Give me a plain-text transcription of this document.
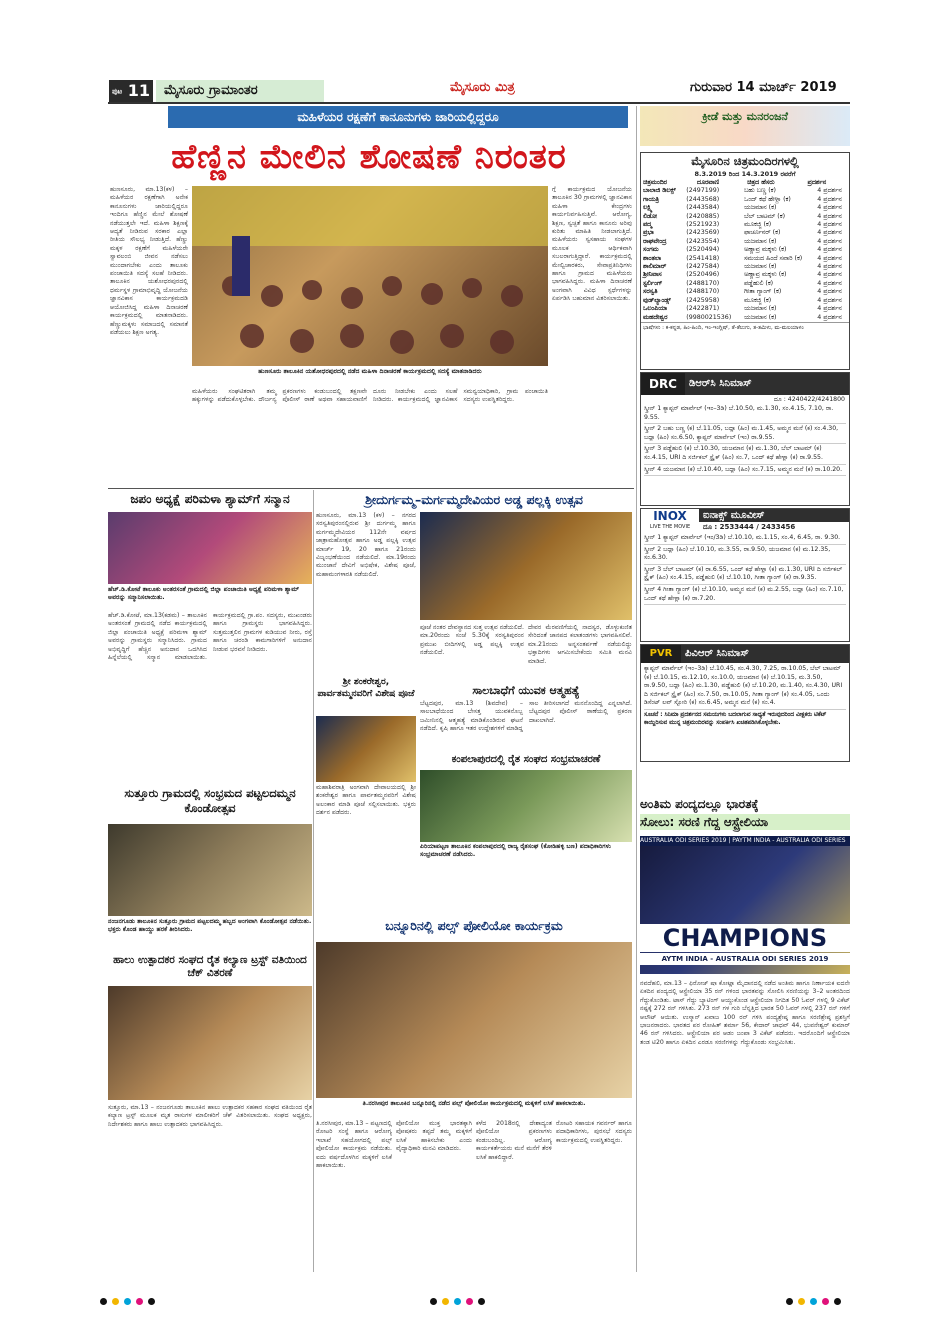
ಪುಟ 11	ಮೈಸೂರು ಗ್ರಾಮಾಂತರ	ಮೈಸೂರು ಮಿತ್ರ	ಗುರುವಾರ 14 ಮಾರ್ಚ್ 2019
ಮಹಿಳೆಯರ ರಕ್ಷಣೆಗೆ ಕಾನೂನುಗಳು ಜಾರಿಯಲ್ಲಿದ್ದರೂ
ಹೆಣ್ಣಿನ ಮೇಲಿನ ಶೋಷಣೆ ನಿರಂತರ
ಹುಣಸೂರು, ಮಾ.13(ಕಳ) – ಮಹಿಳೆಯರ ರಕ್ಷಣೆಗಾಗಿ ಅನೇಕ ಕಾನೂನುಗಳು ಜಾರಿಯಲ್ಲಿದ್ದರೂ ಇಂದಿಗೂ ಹೆಣ್ಣಿನ ಮೇಲೆ ಶೋಷಣೆ ನಡೆಯುತ್ತಲೇ ಇದೆ. ಮಹಿಳಾ ಶಿಕ್ಷಣಕ್ಕೆ ಆದ್ಯತೆ ನೀಡಿರುವ ಸರಕಾರ ಎಲ್ಲಾ ರೀತಿಯ ಸೌಲಭ್ಯ ನೀಡುತ್ತಿದೆ. ಹೆಣ್ಣು ಮಕ್ಕಳ ರಕ್ಷಣೆಗೆ ಮಹಿಳೆಯರೇ ಸ್ವಾವಲಂಬಿ ಜೀವನ ನಡೆಸಲು ಮುಂದಾಗಬೇಕು ಎಂದು ತಾಲೂಕು ಪಂಚಾಯಿತಿ ಸದಸ್ಯೆ ಸಲಹೆ ನೀಡಿದರು. ತಾಲೂಕಿನ ಯಶೋಧರಪುರದಲ್ಲಿ ಧರ್ಮಸ್ಥಳ ಗ್ರಾಮಾಭಿವೃದ್ಧಿ ಯೋಜನೆಯ ಜ್ಞಾನವಿಕಾಸ ಕಾರ್ಯಕ್ರಮದಡಿ ಆಯೋಜಿಸಿದ್ದ ಮಹಿಳಾ ದಿನಾಚರಣೆ ಕಾರ್ಯಕ್ರಮದಲ್ಲಿ ಮಾತನಾಡಿದರು. ಹೆಣ್ಣುಮಕ್ಕಳು ಸಮಾಜದಲ್ಲಿ ಸಮಾನತೆ ಪಡೆಯಲು ಶಿಕ್ಷಣ ಅಗತ್ಯ.
ಗ್ಗೆ ಕಾರ್ಯಕ್ರಮದ ಯೋಜನೆಯ ತಾಲೂಕಿನ 30 ಗ್ರಾಮಗಳಲ್ಲಿ ಜ್ಞಾನವಿಕಾಸ ಮಹಿಳಾ ಕೇಂದ್ರಗಳು ಕಾರ್ಯನಿರ್ವಹಿಸುತ್ತಿವೆ. ಆರೋಗ್ಯ, ಶಿಕ್ಷಣ, ಸ್ವಚ್ಛತೆ ಹಾಗೂ ಕಾನೂನು ಅರಿವು ಕುರಿತು ಮಾಹಿತಿ ನೀಡಲಾಗುತ್ತಿದೆ. ಮಹಿಳೆಯರು ಸ್ವಸಹಾಯ ಸಂಘಗಳ ಮೂಲಕ ಆರ್ಥಿಕವಾಗಿ ಸಬಲರಾಗುತ್ತಿದ್ದಾರೆ. ಕಾರ್ಯಕ್ರಮದಲ್ಲಿ ಮೇಲ್ವಿಚಾರಕರು, ಸೇವಾಪ್ರತಿನಿಧಿಗಳು ಹಾಗೂ ಗ್ರಾಮದ ಮಹಿಳೆಯರು ಭಾಗವಹಿಸಿದ್ದರು. ಮಹಿಳಾ ದಿನಾಚರಣೆ ಅಂಗವಾಗಿ ವಿವಿಧ ಸ್ಪರ್ಧೆಗಳನ್ನು ಏರ್ಪಡಿಸಿ ಬಹುಮಾನ ವಿತರಿಸಲಾಯಿತು.
ಹುಣಸೂರು ತಾಲೂಕಿನ ಯಶೋಧರಪುರದಲ್ಲಿ ನಡೆದ ಮಹಿಳಾ ದಿನಾಚರಣೆ ಕಾರ್ಯಕ್ರಮದಲ್ಲಿ ಸದಸ್ಯೆ ಮಾತನಾಡಿದರು
ಮಹಿಳೆಯರು ಸಂಘಟಿತರಾಗಿ ತಮ್ಮ ಹಕ್ಕುಗಳನ್ನು ಪಡೆದುಕೊಳ್ಳಬೇಕು. ದೌರ್ಜನ್ಯ ಪ್ರಕರಣಗಳು ಕಂಡುಬಂದಲ್ಲಿ ತಕ್ಷಣವೇ ಪೊಲೀಸ್ ಠಾಣೆ ಅಥವಾ ಸಹಾಯವಾಣಿಗೆ ದೂರು ನೀಡಬೇಕು ಎಂದು ಸಲಹೆ ನೀಡಿದರು. ಕಾರ್ಯಕ್ರಮದಲ್ಲಿ ಜ್ಞಾನವಿಕಾಸ ಸಮನ್ವಯಾಧಿಕಾರಿ, ಗ್ರಾಮ ಪಂಚಾಯಿತಿ ಸದಸ್ಯರು ಉಪಸ್ಥಿತರಿದ್ದರು.
ಜಪಂ ಅಧ್ಯಕ್ಷೆ ಪರಿಮಳಾ ಶ್ಯಾಮ್‌ಗೆ ಸನ್ಮಾನ
ಹೆಚ್.ಡಿ.ಕೋಟೆ ತಾಲೂಕು ಅಂತರಸಂತೆ ಗ್ರಾಮದಲ್ಲಿ ಜಿಲ್ಲಾ ಪಂಚಾಯಿತಿ ಅಧ್ಯಕ್ಷೆ ಪರಿಮಳಾ ಶ್ಯಾಮ್ ಅವರನ್ನು ಸನ್ಮಾನಿಸಲಾಯಿತು.
ಹೆಚ್.ಡಿ.ಕೋಟೆ, ಮಾ.13(ಕಡಮ) – ತಾಲೂಕಿನ ಅಂತರಸಂತೆ ಗ್ರಾಮದಲ್ಲಿ ನಡೆದ ಕಾರ್ಯಕ್ರಮದಲ್ಲಿ ಜಿಲ್ಲಾ ಪಂಚಾಯಿತಿ ಅಧ್ಯಕ್ಷೆ ಪರಿಮಳಾ ಶ್ಯಾಮ್ ಅವರನ್ನು ಗ್ರಾಮಸ್ಥರು ಸನ್ಮಾನಿಸಿದರು. ಗ್ರಾಮದ ಅಭಿವೃದ್ಧಿಗೆ ಹೆಚ್ಚಿನ ಅನುದಾನ ಒದಗಿಸಿದ ಹಿನ್ನೆಲೆಯಲ್ಲಿ ಸನ್ಮಾನ ಮಾಡಲಾಯಿತು. ಕಾರ್ಯಕ್ರಮದಲ್ಲಿ ಗ್ರಾ.ಪಂ. ಸದಸ್ಯರು, ಮುಖಂಡರು ಹಾಗೂ ಗ್ರಾಮಸ್ಥರು ಭಾಗವಹಿಸಿದ್ದರು. ಸುತ್ತಮುತ್ತಲಿನ ಗ್ರಾಮಗಳ ಕುಡಿಯುವ ನೀರು, ರಸ್ತೆ ಹಾಗೂ ಚರಂಡಿ ಕಾಮಗಾರಿಗಳಿಗೆ ಅನುದಾನ ನೀಡುವ ಭರವಸೆ ನೀಡಿದರು.
ಶ್ರೀದುರ್ಗಮ್ಮ–ಮರ್ಗಮ್ಮದೇವಿಯರ ಅಡ್ಡ ಪಲ್ಲಕ್ಕಿ ಉತ್ಸವ
ಹುಣಸೂರು, ಮಾ.13 (ಕಳ) – ನಗರದ ಸರಸ್ವತಿಪುರಂನಲ್ಲಿರುವ ಶ್ರೀ ದುರ್ಗಮ್ಮ ಹಾಗೂ ಮರ್ಗಮ್ಮದೇವಿಯರ 112ನೇ ವರ್ಷದ ಜಾತ್ರಾಮಹೋತ್ಸವ ಹಾಗೂ ಅಡ್ಡ ಪಲ್ಲಕ್ಕಿ ಉತ್ಸವ ಮಾರ್ಚ್ 19, 20 ಹಾಗೂ 21ರಂದು ವಿಜೃಂಭಣೆಯಿಂದ ನಡೆಯಲಿದೆ. ಮಾ.19ರಂದು ಮುಂಜಾನೆ ದೇವಿಗೆ ಅಭಿಷೇಕ, ವಿಶೇಷ ಪೂಜೆ, ಮಹಾಮಂಗಳಾರತಿ ನಡೆಯಲಿದೆ.
ಪೂಜೆ ನಂತರ ದೇವಸ್ಥಾನದ ಸುತ್ತ ಉತ್ಸವ ನಡೆಯಲಿದೆ. ಮಾ.20ರಂದು ಸಂಜೆ 5.30ಕ್ಕೆ ಸರಸ್ವತಿಪುರಂನ ಪ್ರಮುಖ ಬೀದಿಗಳಲ್ಲಿ ಅಡ್ಡ ಪಲ್ಲಕ್ಕಿ ಉತ್ಸವ ನಡೆಯಲಿದೆ.
ದೇವರ ಮೆರವಣಿಗೆಯಲ್ಲಿ ನಾದಸ್ವರ, ಡೊಳ್ಳುಕುಣಿತ ಸೇರಿದಂತೆ ಜಾನಪದ ಕಲಾತಂಡಗಳು ಭಾಗವಹಿಸಲಿವೆ. ಮಾ.21ರಂದು ಅನ್ನಸಂತರ್ಪಣೆ ನಡೆಯಲಿದ್ದು ಭಕ್ತಾದಿಗಳು ಆಗಮಿಸಬೇಕೆಂದು ಸಮಿತಿ ಮನವಿ ಮಾಡಿದೆ.
ಶ್ರೀ ಶಂಕರೇಶ್ವರ, ಪಾರ್ವತಮ್ಮನವರಿಗೆ ವಿಶೇಷ ಪೂಜೆ
ಮಹಾಶಿವರಾತ್ರಿ ಅಂಗವಾಗಿ ದೇವಾಲಯದಲ್ಲಿ ಶ್ರೀ ಶಂಕರೇಶ್ವರ ಹಾಗೂ ಪಾರ್ವತಮ್ಮನವರಿಗೆ ವಿಶೇಷ ಅಲಂಕಾರ ಮಾಡಿ ಪೂಜೆ ಸಲ್ಲಿಸಲಾಯಿತು. ಭಕ್ತರು ದರ್ಶನ ಪಡೆದರು.
ಸಾಲಬಾಧೆಗೆ ಯುವಕ ಆತ್ಮಹತ್ಯೆ
ಬೆಟ್ಟದಪುರ, ಮಾ.13 (ಶಿವದೇವ) – ಸಾಲಬಾಧೆಯಿಂದ ಬೇಸತ್ತ ಯುವಕನೊಬ್ಬ ಜಮೀನಿನಲ್ಲಿ ಆತ್ಮಹತ್ಯೆ ಮಾಡಿಕೊಂಡಿರುವ ಘಟನೆ ನಡೆದಿದೆ. ಕೃಷಿ ಹಾಗೂ ಇತರ ಉದ್ದೇಶಗಳಿಗೆ ಮಾಡಿದ್ದ ಸಾಲ ತೀರಿಸಲಾಗದೆ ಮನನೊಂದಿದ್ದ ಎನ್ನಲಾಗಿದೆ. ಬೆಟ್ಟದಪುರ ಪೊಲೀಸ್ ಠಾಣೆಯಲ್ಲಿ ಪ್ರಕರಣ ದಾಖಲಾಗಿದೆ.
ಕಂಪಲಾಪುರದಲ್ಲಿ ರೈತ ಸಂಘದ ಸಂಭ್ರಮಾಚರಣೆ
ಪಿರಿಯಾಪಟ್ಟಣ ತಾಲೂಕಿನ ಕಂಪಲಾಪುರದಲ್ಲಿ ರಾಜ್ಯ ರೈತಸಂಘ (ಕೋಡಿಹಳ್ಳಿ ಬಣ) ಪದಾಧಿಕಾರಿಗಳು ಸಂಭ್ರಮಾಚರಣೆ ನಡೆಸಿದರು.
ಸುತ್ತೂರು ಗ್ರಾಮದಲ್ಲಿ ಸಂಭ್ರಮದ ಪಟ್ಟಲದಮ್ಮನ ಕೊಂಡೋತ್ಸವ
ನಂಜನಗೂಡು ತಾಲೂಕಿನ ಸುತ್ತೂರು ಗ್ರಾಮದ ಪಟ್ಟಲದಮ್ಮ ಹಬ್ಬದ ಅಂಗವಾಗಿ ಕೊಂಡೋತ್ಸವ ನಡೆಯಿತು. ಭಕ್ತರು ಕೊಂಡ ಹಾಯ್ದು ಹರಕೆ ತೀರಿಸಿದರು.
ಹಾಲು ಉತ್ಪಾದಕರ ಸಂಘದ ರೈತ ಕಲ್ಯಾಣ ಟ್ರಸ್ಟ್ ವತಿಯಿಂದ ಚೆಕ್ ವಿತರಣೆ
ಸುತ್ತೂರು, ಮಾ.13 – ನಂಜನಗೂಡು ತಾಲೂಕಿನ ಹಾಲು ಉತ್ಪಾದಕರ ಸಹಕಾರ ಸಂಘದ ವತಿಯಿಂದ ರೈತ ಕಲ್ಯಾಣ ಟ್ರಸ್ಟ್ ಮೂಲಕ ಮೃತ ರಾಸುಗಳ ಮಾಲೀಕರಿಗೆ ಚೆಕ್ ವಿತರಿಸಲಾಯಿತು. ಸಂಘದ ಅಧ್ಯಕ್ಷರು, ನಿರ್ದೇಶಕರು ಹಾಗೂ ಹಾಲು ಉತ್ಪಾದಕರು ಭಾಗವಹಿಸಿದ್ದರು.
ಬನ್ನೂರಿನಲ್ಲಿ ಪಲ್ಸ್ ಪೋಲಿಯೋ ಕಾರ್ಯಕ್ರಮ
ತಿ.ನರಸೀಪುರ ತಾಲೂಕಿನ ಬನ್ನೂರಿನಲ್ಲಿ ನಡೆದ ಪಲ್ಸ್ ಪೋಲಿಯೋ ಕಾರ್ಯಕ್ರಮದಲ್ಲಿ ಮಕ್ಕಳಿಗೆ ಲಸಿಕೆ ಹಾಕಲಾಯಿತು.
ತಿ.ನರಸೀಪುರ, ಮಾ.13 – ಪಟ್ಟಣದಲ್ಲಿ ರೋಟರಿ ಸಂಸ್ಥೆ ಹಾಗೂ ಆರೋಗ್ಯ ಇಲಾಖೆ ಸಹಯೋಗದಲ್ಲಿ ಪಲ್ಸ್ ಪೋಲಿಯೋ ಕಾರ್ಯಕ್ರಮ ನಡೆಯಿತು. ಐದು ವರ್ಷದೊಳಗಿನ ಮಕ್ಕಳಿಗೆ ಲಸಿಕೆ ಹಾಕಲಾಯಿತು.
ಪೋಲಿಯೋ ಮುಕ್ತ ಭಾರತಕ್ಕಾಗಿ ಪೋಷಕರು ತಪ್ಪದೆ ತಮ್ಮ ಮಕ್ಕಳಿಗೆ ಲಸಿಕೆ ಹಾಕಿಸಬೇಕು ಎಂದು ವೈದ್ಯಾಧಿಕಾರಿ ಮನವಿ ಮಾಡಿದರು.
ಕಳೆದ 2018ರಲ್ಲಿ ದೇಶಾದ್ಯಂತ ಪೋಲಿಯೋ ಪ್ರಕರಣಗಳು ಕಂಡುಬಂದಿಲ್ಲ. ಆರೋಗ್ಯ ಕಾರ್ಯಕರ್ತೆಯರು ಮನೆ ಮನೆಗೆ ತೆರಳಿ ಲಸಿಕೆ ಹಾಕಲಿದ್ದಾರೆ.
ರೋಟರಿ ಸಹಾಯಕ ಗವರ್ನರ್ ಹಾಗೂ ಪದಾಧಿಕಾರಿಗಳು, ಪುರಸಭೆ ಸದಸ್ಯರು ಕಾರ್ಯಕ್ರಮದಲ್ಲಿ ಉಪಸ್ಥಿತರಿದ್ದರು.
ಕ್ರೀಡೆ ಮತ್ತು ಮನರಂಜನೆ
ಮೈಸೂರಿನ ಚಿತ್ರಮಂದಿರಗಳಲ್ಲಿ
8.3.2019 ರಿಂದ 14.3.2019 ರವರೆಗೆ
ಚಿತ್ರಮಂದಿರ	ದೂರವಾಣಿ	ಚಿತ್ರದ ಹೆಸರು	ಪ್ರದರ್ಶನ
ಬಾಲಾಜಿ ಡಿಲಕ್ಸ್	(2497199)	ಬಹು ಬಣ್ಣ (ಕ)	4 ಪ್ರದರ್ಶನ
ಗಾಯತ್ರಿ	(2443568)	ಒಂದ್ ಕಥೆ ಹೇಳ್ಲಾ (ಕ)	4 ಪ್ರದರ್ಶನ
ಲಕ್ಷ್ಮಿ	(2443584)	ಯಜಮಾನ (ಕ)	4 ಪ್ರದರ್ಶನ
ಲಿಡೋ	(2420885)	ಬೆಲ್ ಬಾಟಮ್ (ಕ)	4 ಪ್ರದರ್ಶನ
ಪದ್ಮ	(2521923)	ಮೂಕಜ್ಜಿ (ಕ)	4 ಪ್ರದರ್ಶನ
ಪ್ರಭಾ	(2423569)	ಫಾರ್ಚೂನರ್ (ಕ)	4 ಪ್ರದರ್ಶನ
ರಾಘವೇಂದ್ರ	(2423554)	ಯಜಮಾನ (ಕ)	4 ಪ್ರದರ್ಶನ
ಸಂಗಮ	(2520494)	ಅಣ್ಣಾವ್ರ ಮಕ್ಕಳು (ಕ)	4 ಪ್ರದರ್ಶನ
ಶಾಂತಲಾ	(2541418)	ಸಮಯದ ಹಿಂದೆ ಸವಾರಿ (ಕ)	4 ಪ್ರದರ್ಶನ
ಶಾಲಿಮಾರ್	(2427584)	ಯಜಮಾನ (ಕ)	4 ಪ್ರದರ್ಶನ
ಶ್ರೀನಿವಾಸ	(2520496)	ಅಣ್ಣಾವ್ರ ಮಕ್ಕಳು (ಕ)	4 ಪ್ರದರ್ಶನ
ಸ್ಟರ್ಲಿಂಗ್	(2488170)	ಪಡ್ಡೆಹುಲಿ (ಕ)	4 ಪ್ರದರ್ಶನ
ಸರಸ್ವತಿ	(2488170)	ಗೀತಾ ಗ್ಯಾಂಗ್ (ಕ)	4 ಪ್ರದರ್ಶನ
ವುಡ್‌ಲ್ಯಾಂಡ್ಸ್	(2425958)	ಮೂಕಜ್ಜಿ (ಕ)	4 ಪ್ರದರ್ಶನ
ಒಲಂಪಿಯಾ	(2422871)	ಯಜಮಾನ (ಕ)	4 ಪ್ರದರ್ಶನ
ಮಹದೇಶ್ವರ	(9980021536)	ಯಜಮಾನ (ಕ)	4 ಪ್ರದರ್ಶನ
ಭಾಷೆಗಳು : ಕ-ಕನ್ನಡ, ಹಿಂ-ಹಿಂದಿ, ಇಂ-ಇಂಗ್ಲಿಷ್, ತೆ-ತೆಲುಗು, ತ-ತಮಿಳು, ಮ-ಮಲಯಾಳಂ
DRC	ಡಿಆರ್‌ಸಿ ಸಿನಿಮಾಸ್
ದೂ : 4240422/4241800
ಸ್ಕ್ರೀನ್ 1 ಕ್ಯಾಪ್ಟನ್ ಮಾರ್ವೆಲ್ (ಇಂ–3ಡಿ) ಬೆ.10.50, ಮ.1.30, ಸಂ.4.15, 7.10, ರಾ. 9.55.
ಸ್ಕ್ರೀನ್ 2 ಬಹು ಬಣ್ಣ (ಕ) ಬೆ.11.05, ಬದ್ಲಾ (ಹಿಂ) ಮ.1.45, ಅಮ್ಮನ ಮನೆ (ಕ) ಸಂ.4.30, ಬದ್ಲಾ (ಹಿಂ) ಸಂ.6.50, ಕ್ಯಾಪ್ಟನ್ ಮಾರ್ವೆಲ್ (ಇಂ) ರಾ.9.55.
ಸ್ಕ್ರೀನ್ 3 ಪಡ್ಡೆಹುಲಿ (ಕ) ಬೆ.10.30, ಯಜಮಾನ (ಕ) ಮ.1.30, ಬೆಲ್ ಬಾಟಮ್ (ಕ) ಸಂ.4.15, URI ದಿ ಸರ್ಜಿಕಲ್ ಸ್ಟ್ರೈಕ್ (ಹಿಂ) ಸಂ.7, ಒಂದ್ ಕಥೆ ಹೇಳ್ಲಾ (ಕ) ರಾ.9.55.
ಸ್ಕ್ರೀನ್ 4 ಯಜಮಾನ (ಕ) ಬೆ.10.40, ಬದ್ಲಾ (ಹಿಂ) ಸಂ.7.15, ಅಮ್ಮನ ಮನೆ (ಕ) ರಾ.10.20.
INOX
LIVE THE MOVIE
ಐನಾಕ್ಸ್ ಮೂವೀಸ್
ದೂ : 2533444 / 2433456
ಸ್ಕ್ರೀನ್ 1 ಕ್ಯಾಪ್ಟನ್ ಮಾರ್ವೆಲ್ (ಇಂ/3ಡಿ) ಬೆ.10.10, ಮ.1.15, ಸಂ.4, 6.45, ರಾ. 9.30.
ಸ್ಕ್ರೀನ್ 2 ಬದ್ಲಾ (ಹಿಂ) ಬೆ.10.10, ಮ.3.55, ರಾ.9.50, ಯಜಮಾನ (ಕ) ಮ.12.35, ಸಂ.6.30.
ಸ್ಕ್ರೀನ್ 3 ಬೆಲ್ ಬಾಟಮ್ (ಕ) ರಾ.6.55, ಒಂದ್ ಕಥೆ ಹೇಳ್ಲಾ (ಕ) ಮ.1.30, URI ದಿ ಸರ್ಜಿಕಲ್ ಸ್ಟ್ರೈಕ್ (ಹಿಂ) ಸಂ.4.15, ಪಡ್ಡೆಹುಲಿ (ಕ) ಬೆ.10.10, ಗೀತಾ ಗ್ಯಾಂಗ್ (ಕ) ರಾ.9.35.
ಸ್ಕ್ರೀನ್ 4 ಗೀತಾ ಗ್ಯಾಂಗ್ (ಕ) ಬೆ.10.10, ಅಮ್ಮನ ಮನೆ (ಕ) ಮ.2.55, ಬದ್ಲಾ (ಹಿಂ) ಸಂ.7.10, ಒಂದ್ ಕಥೆ ಹೇಳ್ಲಾ (ಕ) ರಾ.7.20.
PVR	ಪಿವಿಆರ್ ಸಿನಿಮಾಸ್
ಕ್ಯಾಪ್ಟನ್ ಮಾರ್ವೆಲ್ (ಇಂ–3ಡಿ) ಬೆ.10.45, ಸಂ.4.30, 7.25, ರಾ.10.05, ಬೆಲ್ ಬಾಟಮ್ (ಕ) ಬೆ.10.15, ಮ.12.10, ಸಂ.10.0, ಯಜಮಾನ (ಕ) ಬೆ.10.15, ಮ.3.50, ರಾ.9.50, ಬದ್ಲಾ (ಹಿಂ) ಮ.1.30, ಪಡ್ಡೆಹುಲಿ (ಕ) ಬೆ.10.20, ಮ.1.40, ಸಂ.4.30, URI ದಿ ಸರ್ಜಿಕಲ್ ಸ್ಟ್ರೈಕ್ (ಹಿಂ) ಸಂ.7.50, ರಾ.10.05, ಗೀತಾ ಗ್ಯಾಂಗ್ (ಕ) ಸಂ.4.05, ಒಂದು ಡಿಸೆಂಟ್ ಲವ್ ಸ್ಟೋರಿ (ಕ) ಸಂ.6.45, ಅಮ್ಮನ ಮನೆ (ಕ) ಸಂ.4.
ಸೂಚನೆ : ಸಿನಿಮಾ ಪ್ರದರ್ಶನದ ಸಮಯಗಳು ಬದಲಾಗುವ ಸಾಧ್ಯತೆ ಇರುವುದರಿಂದ ವೀಕ್ಷಕರು ಟಿಕೆಟ್ ಕಾಯ್ದಿರಿಸುವ ಮುನ್ನ ಚಿತ್ರಮಂದಿರವನ್ನು ಸಂಪರ್ಕಿಸಿ ಖಚಿತಪಡಿಸಿಕೊಳ್ಳಬೇಕು.
ಅಂತಿಮ ಪಂದ್ಯದಲ್ಲೂ ಭಾರತಕ್ಕೆ
ಸೋಲು: ಸರಣಿ ಗೆದ್ದ ಆಸ್ಟ್ರೇಲಿಯಾ
AUSTRALIA ODI SERIES 2019 | PAYTM INDIA - AUSTRALIA ODI SERIES
CHAMPIONS
AYTM INDIA - AUSTRALIA ODI SERIES 2019
ನವದೆಹಲಿ, ಮಾ.13 – ಫಿರೋಜ್ ಷಾ ಕೋಟ್ಲಾ ಮೈದಾನದಲ್ಲಿ ನಡೆದ ಅಂತಿಮ ಹಾಗೂ ನಿರ್ಣಾಯಕ ಐದನೇ ಏಕದಿನ ಪಂದ್ಯದಲ್ಲಿ ಆಸ್ಟ್ರೇಲಿಯಾ 35 ರನ್ ಗಳಿಂದ ಭಾರತವನ್ನು ಸೋಲಿಸಿ ಸರಣಿಯನ್ನು 3–2 ಅಂತರದಿಂದ ಗೆದ್ದುಕೊಂಡಿತು. ಟಾಸ್ ಗೆದ್ದು ಬ್ಯಾಟಿಂಗ್ ಆಯ್ದುಕೊಂಡ ಆಸ್ಟ್ರೇಲಿಯಾ ನಿಗದಿತ 50 ಓವರ್ ಗಳಲ್ಲಿ 9 ವಿಕೆಟ್ ನಷ್ಟಕ್ಕೆ 272 ರನ್ ಗಳಿಸಿತು. 273 ರನ್ ಗಳ ಗುರಿ ಬೆನ್ನತ್ತಿದ ಭಾರತ 50 ಓವರ್ ಗಳಲ್ಲಿ 237 ರನ್ ಗಳಿಗೆ ಆಲೌಟ್ ಆಯಿತು. ಉಸ್ಮಾನ್ ಖವಾಜ 100 ರನ್ ಗಳಿಸಿ ಪಂದ್ಯಶ್ರೇಷ್ಠ ಹಾಗೂ ಸರಣಿಶ್ರೇಷ್ಠ ಪ್ರಶಸ್ತಿಗೆ ಭಾಜನರಾದರು. ಭಾರತದ ಪರ ರೋಹಿತ್ ಶರ್ಮಾ 56, ಕೇದಾರ್ ಜಾಧವ್ 44, ಭುವನೇಶ್ವರ್ ಕುಮಾರ್ 46 ರನ್ ಗಳಿಸಿದರು. ಆಸ್ಟ್ರೇಲಿಯಾ ಪರ ಆಡಂ ಜಂಪಾ 3 ವಿಕೆಟ್ ಪಡೆದರು. ಇದರೊಂದಿಗೆ ಆಸ್ಟ್ರೇಲಿಯಾ ತಂಡ ಟಿ20 ಹಾಗೂ ಏಕದಿನ ಎರಡೂ ಸರಣಿಗಳನ್ನು ಗೆದ್ದುಕೊಂಡು ಸಂಭ್ರಮಿಸಿತು.
